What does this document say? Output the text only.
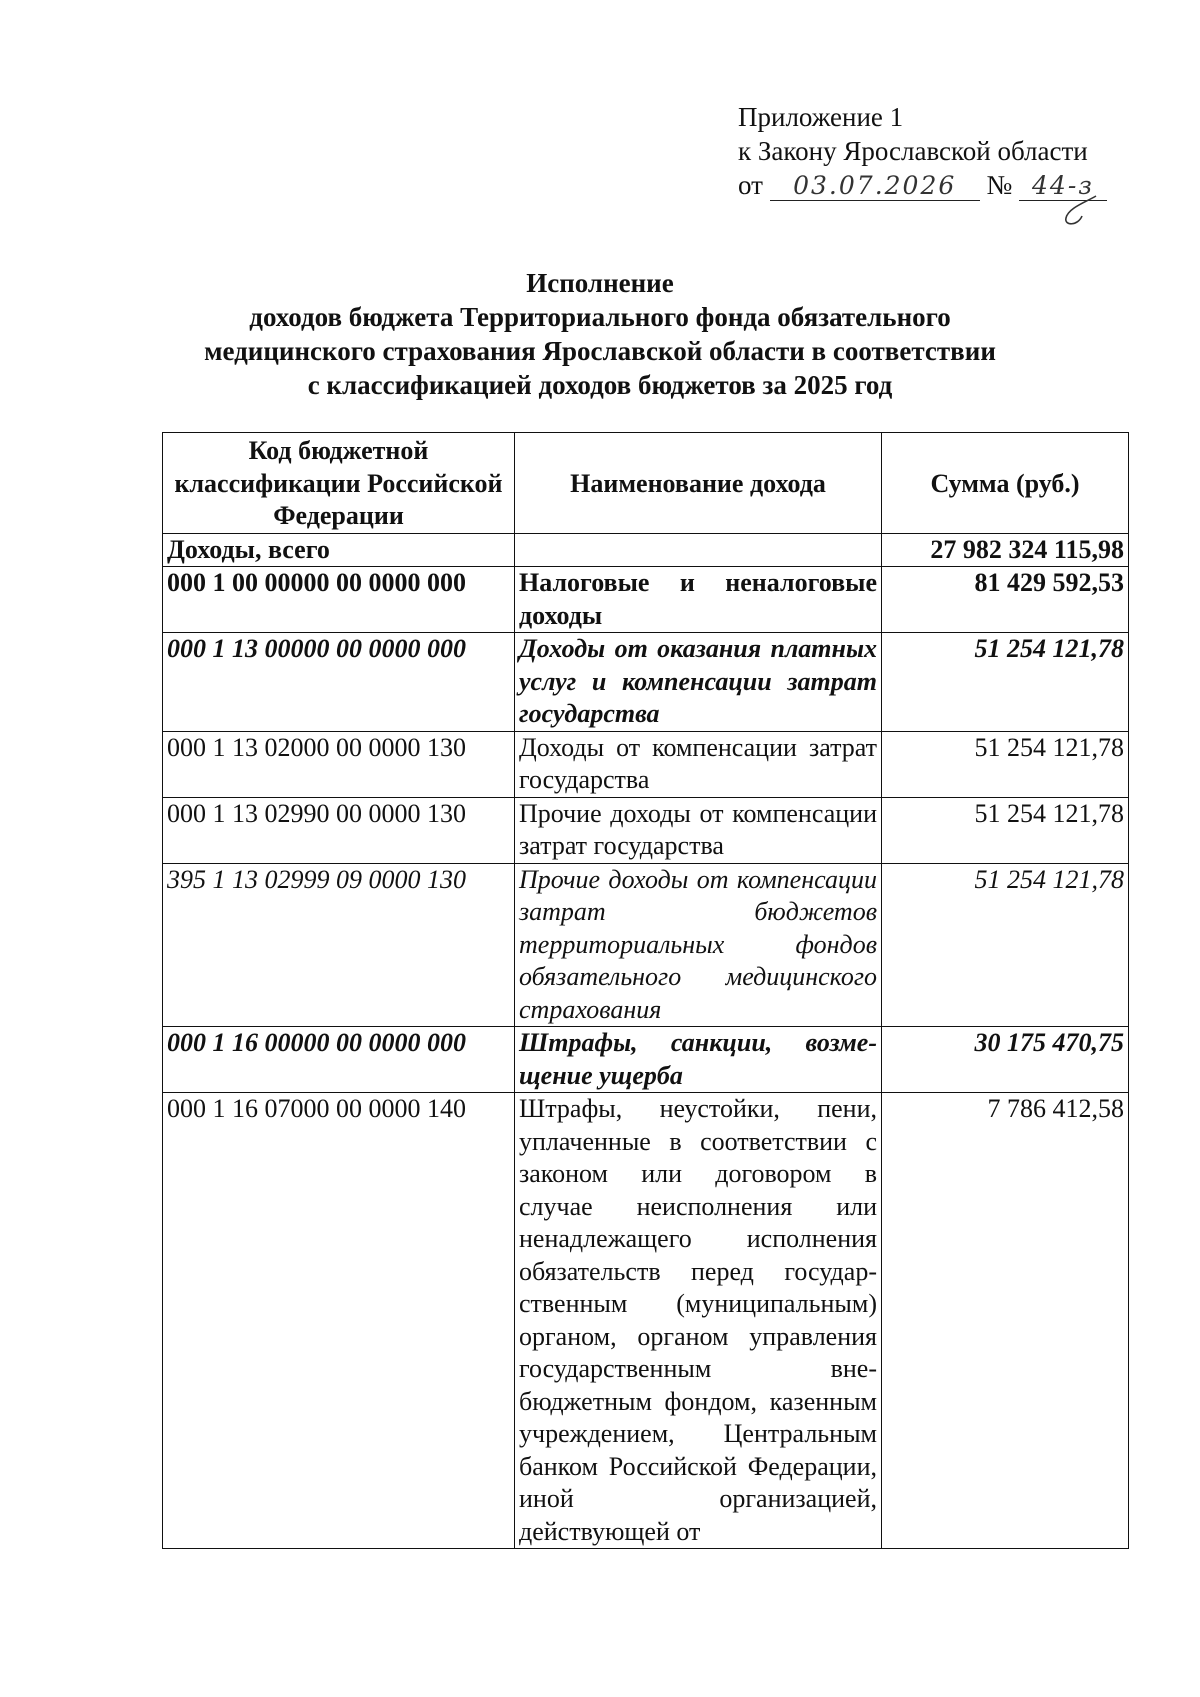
Приложение 1
к Закону Ярославской области
от 03.07.2026 № 44-з
Исполнение
доходов бюджета Территориального фонда обязательного
медицинского страхования Ярославской области в соответствии
с классификацией доходов бюджетов за 2025 год
Код бюджетной классификации Российской Федерации	Наименование дохода	Сумма (руб.)
Доходы, всего		27 982 324 115,98
000 1 00 00000 00 0000 000	Налоговые и неналоговые доходы	81 429 592,53
000 1 13 00000 00 0000 000	Доходы от оказания платных услуг и компенсации затрат государства	51 254 121,78
000 1 13 02000 00 0000 130	Доходы от компенсации затрат государства	51 254 121,78
000 1 13 02990 00 0000 130	Прочие доходы от компенсации затрат государства	51 254 121,78
395 1 13 02999 09 0000 130	Прочие доходы от компенсации затрат бюджетов территориальных фондов обязательного медицинского страхования	51 254 121,78
000 1 16 00000 00 0000 000	Штрафы, санкции, возмещение ущерба	30 175 470,75
000 1 16 07000 00 0000 140	Штрафы, неустойки, пени, уплаченные в соответствии с законом или договором в случае неисполнения или ненадлежащего исполнения обязательств перед государственным (муниципальным) органом, органом управления государственным внебюджетным фондом, казенным учреждением, Центральным банком Российской Федерации, иной организацией, действующей от	7 786 412,58
